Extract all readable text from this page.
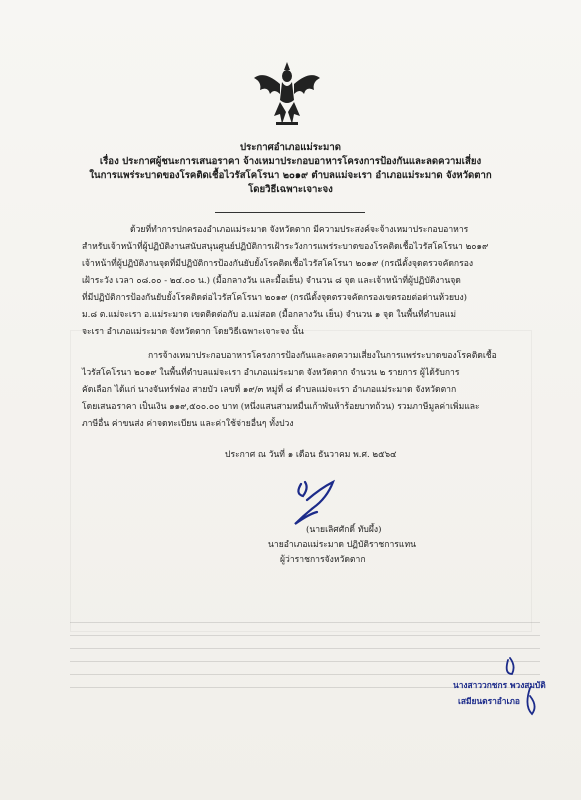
ประกาศอำเภอแม่ระมาด
เรื่อง ประกาศผู้ชนะการเสนอราคา จ้างเหมาประกอบอาหารโครงการป้องกันและลดความเสี่ยง
ในการแพร่ระบาดของโรคติดเชื้อไวรัสโคโรนา ๒๐๑๙ ตำบลแม่จะเรา อำเภอแม่ระมาด จังหวัดตาก
โดยวิธีเฉพาะเจาะจง
ด้วยที่ทำการปกครองอำเภอแม่ระมาด จังหวัดตาก มีความประสงค์จะจ้างเหมาประกอบอาหาร
สำหรับเจ้าหน้าที่ผู้ปฏิบัติงานสนับสนุนศูนย์ปฏิบัติการเฝ้าระวังการแพร่ระบาดของโรคติดเชื้อไวรัสโคโรนา ๒๐๑๙
เจ้าหน้าที่ผู้ปฏิบัติงานจุดที่มีปฏิบัติการป้องกันยับยั้งโรคติดเชื้อไวรัสโคโรนา ๒๐๑๙ (กรณีตั้งจุดตรวจคัดกรอง
เฝ้าระวัง เวลา ๐๘.๐๐ - ๒๔.๐๐ น.) (มื้อกลางวัน และมื้อเย็น) จำนวน ๘ จุด และเจ้าหน้าที่ผู้ปฏิบัติงานจุด
ที่มีปฏิบัติการป้องกันยับยั้งโรคติดต่อไวรัสโคโรนา ๒๐๑๙ (กรณีตั้งจุดตรวจคัดกรองเขตรอยต่อด่านห้วยบง)
ม.๘ ต.แม่จะเรา อ.แม่ระมาด เขตติดต่อกับ อ.แม่สอด (มื้อกลางวัน เย็น) จำนวน ๑ จุด ในพื้นที่ตำบลแม่
จะเรา อำเภอแม่ระมาด จังหวัดตาก โดยวิธีเฉพาะเจาะจง นั้น
การจ้างเหมาประกอบอาหารโครงการป้องกันและลดความเสี่ยงในการแพร่ระบาดของโรคติดเชื้อ
ไวรัสโคโรนา ๒๐๑๙ ในพื้นที่ตำบลแม่จะเรา อำเภอแม่ระมาด จังหวัดตาก จำนวน ๒ รายการ ผู้ได้รับการ
คัดเลือก ได้แก่ นางจันทร์ฟอง สายบัว เลขที่ ๑๙/๓ หมู่ที่ ๘ ตำบลแม่จะเรา อำเภอแม่ระมาด จังหวัดตาก
โดยเสนอราคา เป็นเงิน ๑๑๙,๕๐๐.๐๐ บาท (หนึ่งแสนสามหมื่นเก้าพันห้าร้อยบาทถ้วน) รวมภาษีมูลค่าเพิ่มและ
ภาษีอื่น ค่าขนส่ง ค่าจดทะเบียน และค่าใช้จ่ายอื่นๆ ทั้งปวง
ประกาศ ณ วันที่ ๑ เดือน ธันวาคม พ.ศ. ๒๕๖๔
(นายเลิศศักดิ์ ทับผึ้ง)
นายอำเภอแม่ระมาด ปฏิบัติราชการแทน
ผู้ว่าราชการจังหวัดตาก
นางสาววกชกร พวงสมบัติ
เสมียนตราอำเภอ
